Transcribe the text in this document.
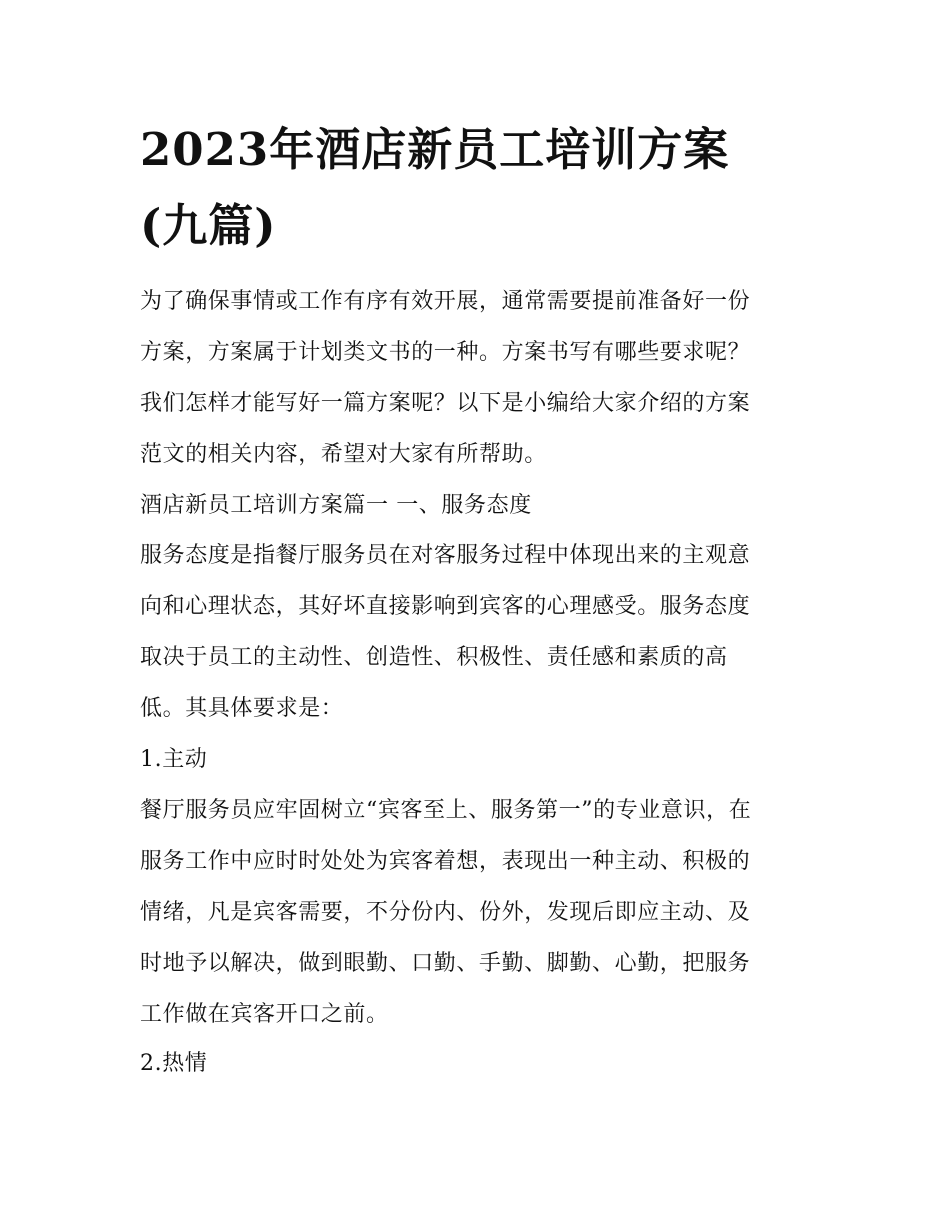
2023年酒店新员工培训方案
(九篇)

为了确保事情或工作有序有效开展，通常需要提前准备好一份
方案，方案属于计划类文书的一种。方案书写有哪些要求呢？
我们怎样才能写好一篇方案呢？以下是小编给大家介绍的方案
范文的相关内容，希望对大家有所帮助。

酒店新员工培训方案篇一 一、服务态度

服务态度是指餐厅服务员在对客服务过程中体现出来的主观意
向和心理状态，其好坏直接影响到宾客的心理感受。服务态度
取决于员工的主动性、创造性、积极性、责任感和素质的高
低。其具体要求是：

1.主动

餐厅服务员应牢固树立“宾客至上、服务第一”的专业意识，在
服务工作中应时时处处为宾客着想，表现出一种主动、积极的
情绪，凡是宾客需要，不分份内、份外，发现后即应主动、及
时地予以解决，做到眼勤、口勤、手勤、脚勤、心勤，把服务
工作做在宾客开口之前。

2.热情
